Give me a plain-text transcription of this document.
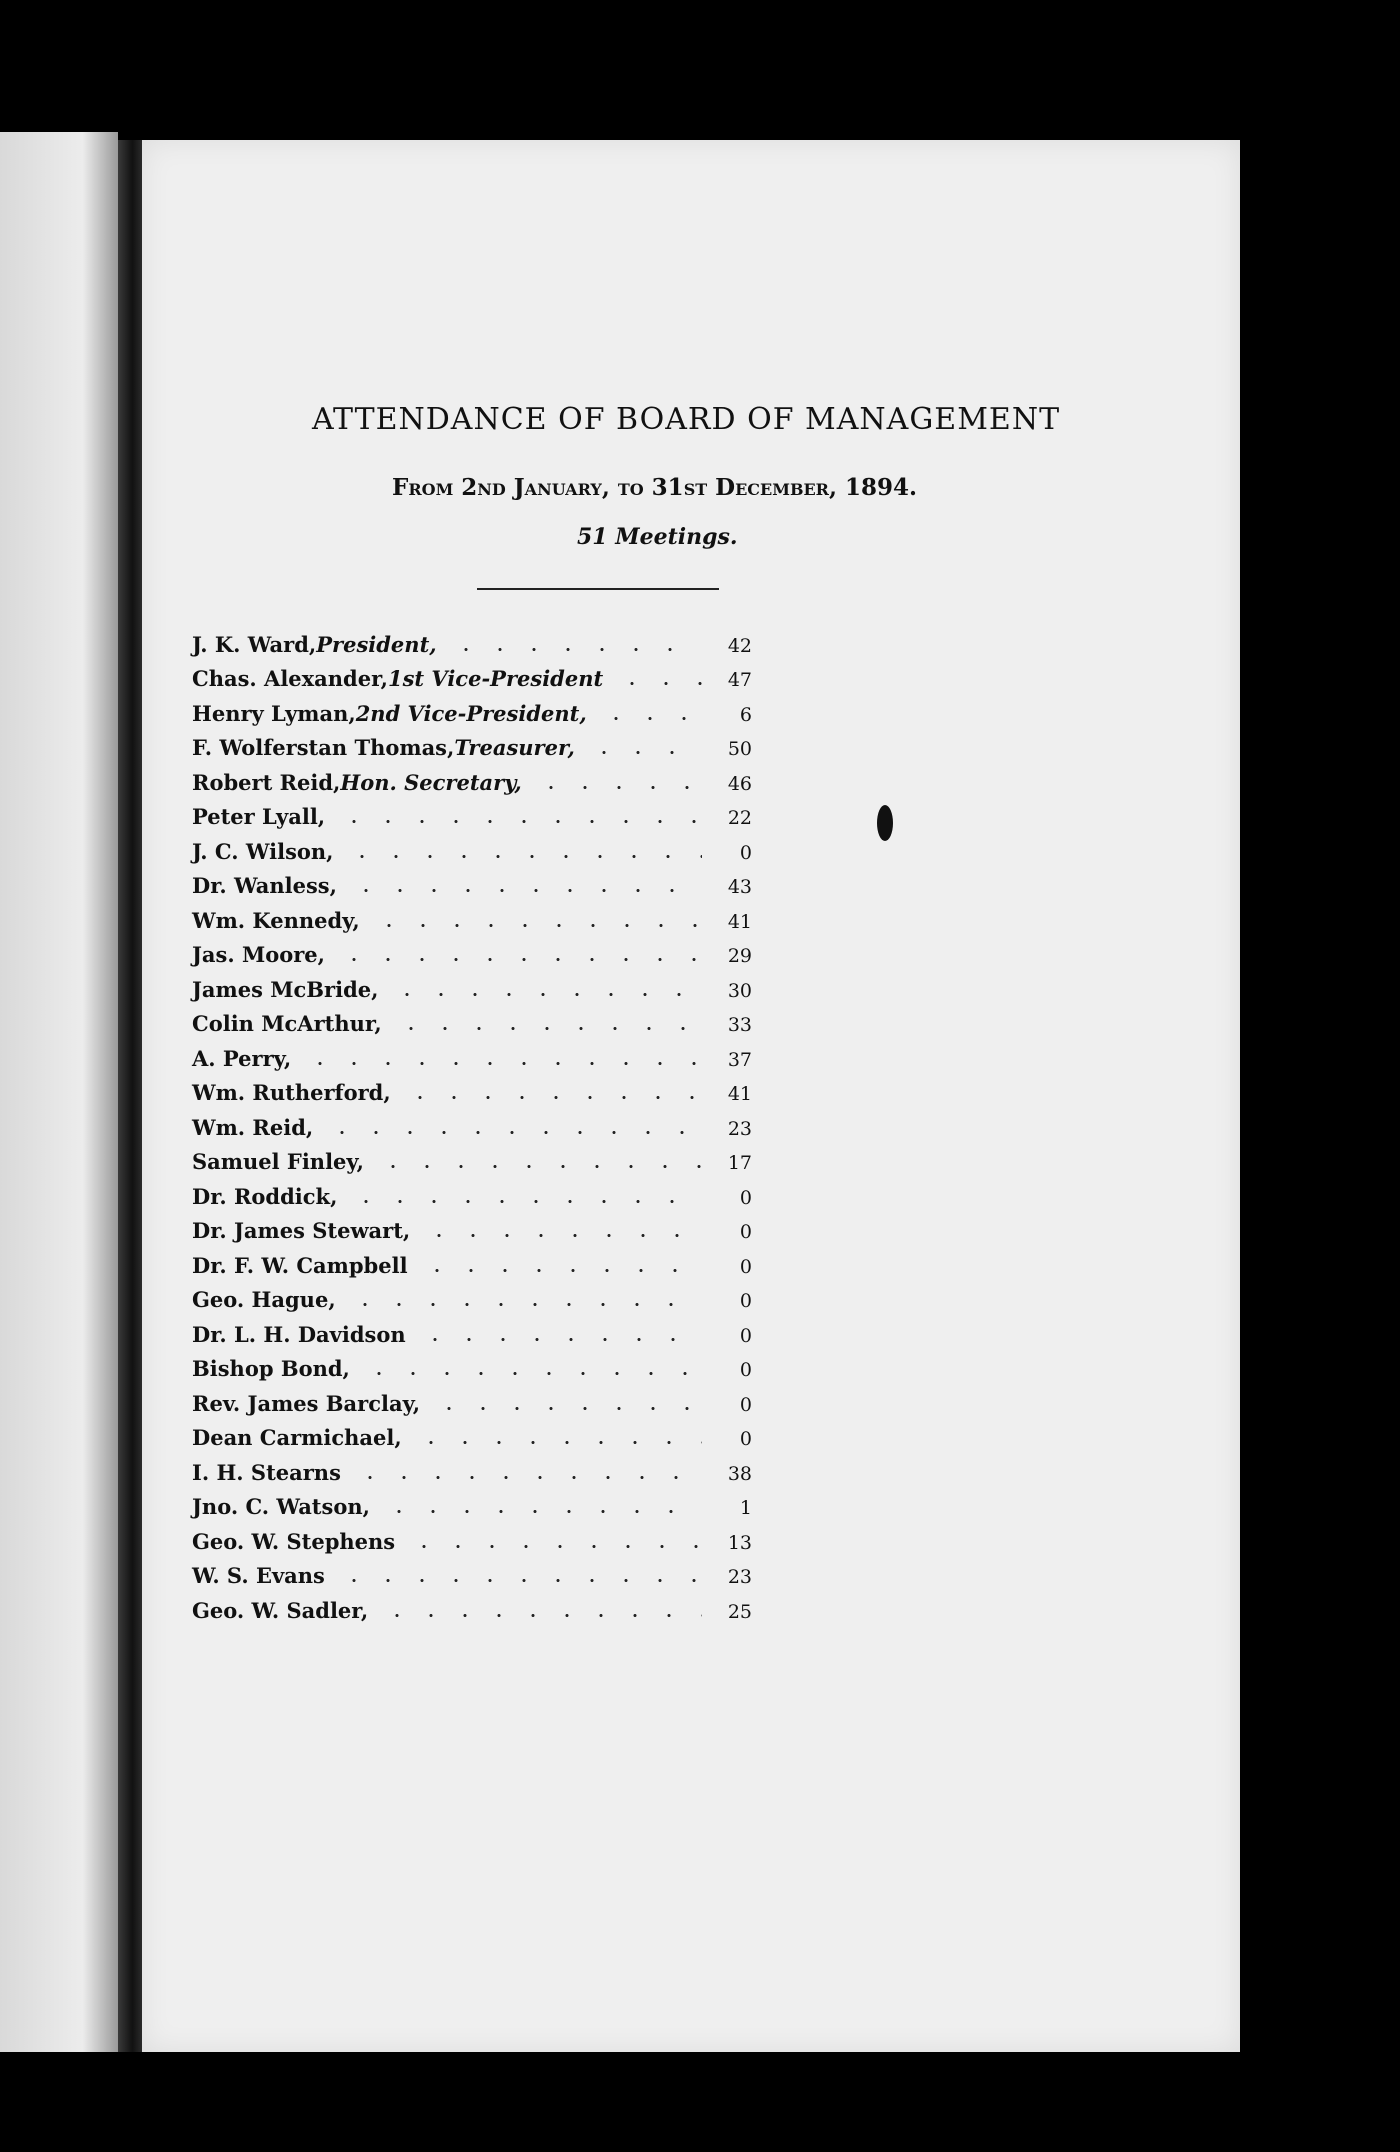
ATTENDANCE OF BOARD OF MANAGEMENT
From 2nd January, to 31st December, 1894.
51 Meetings.
J. K. Ward, President,	42
Chas. Alexander, 1st Vice-President	47
Henry Lyman, 2nd Vice-President,	6
F. Wolferstan Thomas, Treasurer,	50
Robert Reid, Hon. Secretary,	46
Peter Lyall,	22
J. C. Wilson,	0
Dr. Wanless,	43
Wm. Kennedy,	41
Jas. Moore,	29
James McBride,	30
Colin McArthur,	33
A. Perry,	37
Wm. Rutherford,	41
Wm. Reid,	23
Samuel Finley,	17
Dr. Roddick,	0
Dr. James Stewart,	0
Dr. F. W. Campbell	0
Geo. Hague,	0
Dr. L. H. Davidson	0
Bishop Bond,	0
Rev. James Barclay,	0
Dean Carmichael,	0
I. H. Stearns	38
Jno. C. Watson,	1
Geo. W. Stephens	13
W. S. Evans	23
Geo. W. Sadler,	25
